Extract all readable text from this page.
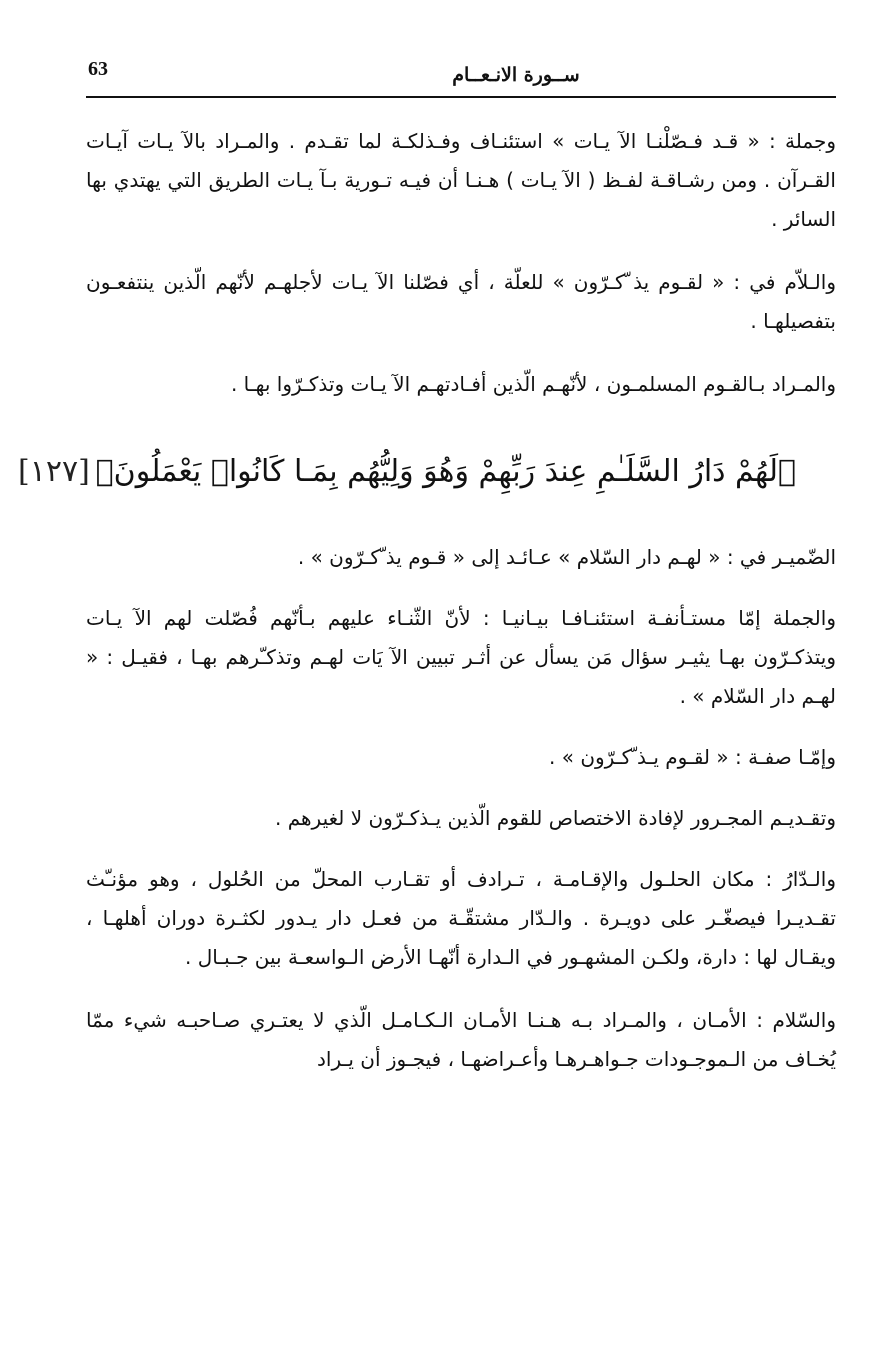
63	ســورة الانـعــام

وجملة : « قـد فـصّلْنـا الآ يـات » استئنـاف وفـذلكـة لما تقـدم . والمـراد بالآ يـات آيـات القـرآن . ومن رشـاقـة لفـظ ( الآ يـات ) هـنـا أن فيـه تـورية بـآ يـات الطريق التي يهتدي بها السائر .

والـلاّم في : « لقـوم يذ ّكـرّون » للعلّة ، أي فصّلنا الآ يـات لأجلهـم لأنّهم الّذين ينتفعـون بتفصيلهـا .

والمـراد بـالقـوم المسلمـون ، لأنّهـم الّذين أفـادتهـم الآ يـات وتذكـرّوا بهـا .

﴿لَهُمْ دَارُ السَّلَـٰمِ عِندَ رَبِّهِمْ وَهُوَ وَلِيُّهُم بِمَـا كَانُوا۟ يَعْمَلُونَ﴾
[١٢٧]

الضّميـر في : « لهـم دار السّلام » عـائـد إلى « قـوم يذ ّكـرّون » .

والجملة إمّا مستـأنفـة استئنـافـا بيـانيـا : لأنّ الثّنـاء عليهم بـأنّهم فُصّلت لهم الآ يـات ويتذكـرّون بهـا يثيـر سؤال مَن يسأل عن أثـر تبيين الآ يَات لهـم وتذكـّرهم بهـا ، فقيـل : « لهـم دار السّلام » .

وإمّـا صفـة : « لقـوم يـذ ّكـرّون » .

وتقـديـم المجـرور لإفادة الاختصاص للقوم الّذين يـذكـرّون لا لغيرهم .

والـدّارُ : مكان الحلـول والإقـامـة ، تـرادف أو تقـارب المحلّ من الحُلول ، وهو مؤنـّث تقـديـرا فيصغّـر على دويـرة . والـدّار مشتقّـة من فعـل دار يـدور لكثـرة دوران أهلهـا ، ويقـال لها : دارة، ولكـن المشهـور في الـدارة أنّهـا الأرض الـواسعـة بين جـبـال .

والسّلام : الأمـان ، والمـراد بـه هـنـا الأمـان الـكـامـل الّذي لا يعتـري صـاحبـه شيء ممّا يُخـاف من الـموجـودات جـواهـرهـا وأعـراضهـا ، فيجـوز أن يـراد
